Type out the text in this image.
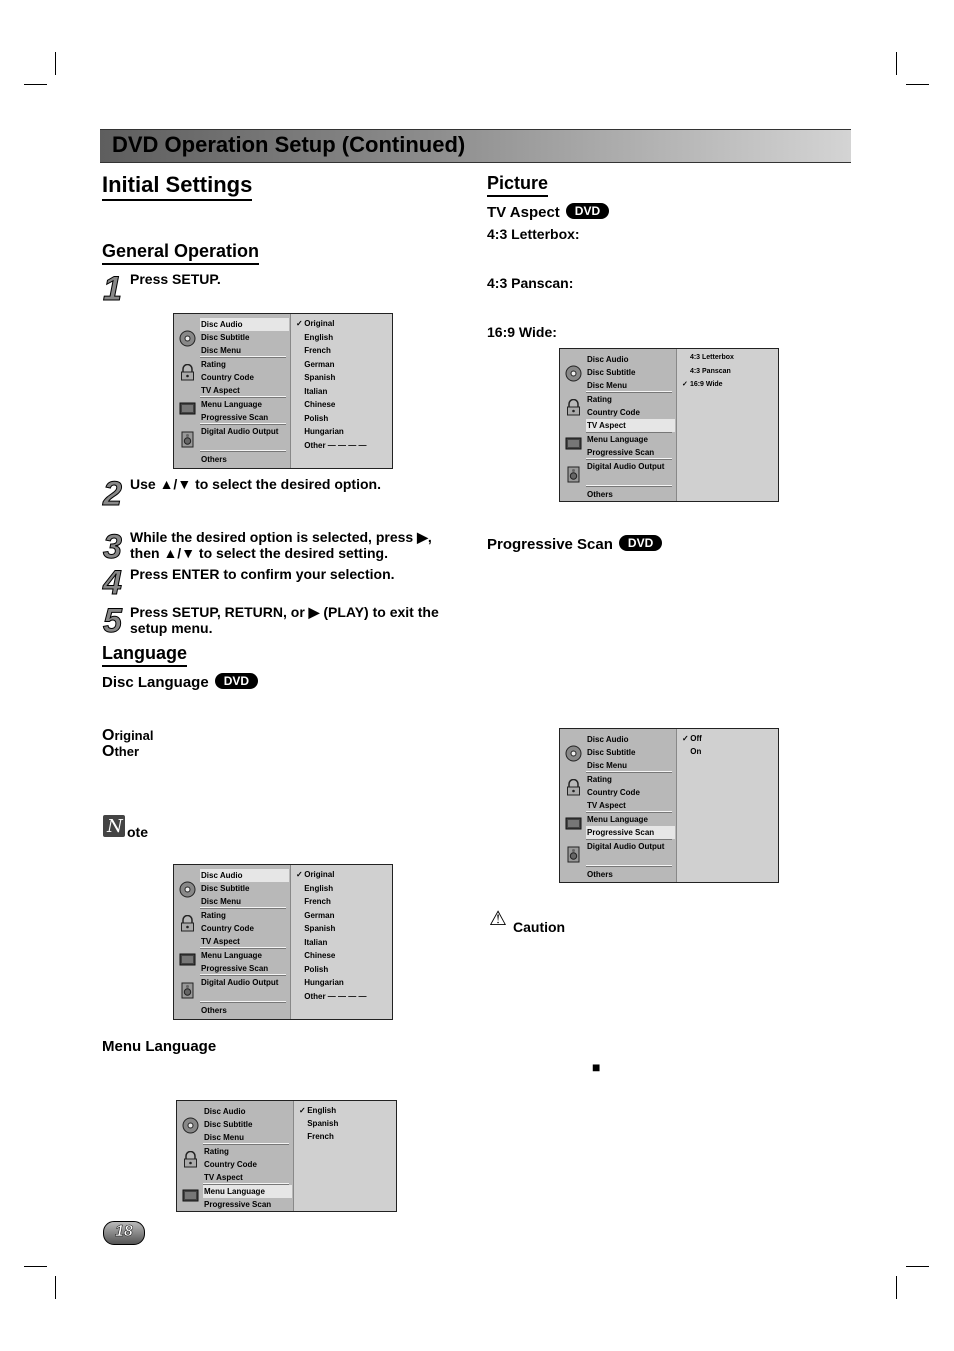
DVD Operation Setup (Continued)
Initial Settings
General Operation
1 Press SETUP.
Disc Audio
Disc Subtitle
Disc Menu
Rating
Country Code
TV Aspect
Menu Language
Progressive Scan
Digital Audio Output
Others
✓ Original
English
French
German
Spanish
Italian
Chinese
Polish
Hungarian
Other — — — —
2 Use ▲/▼ to select the desired option.
3 While the desired option is selected, press ▶,
then ▲/▼ to select the desired setting.
4 Press ENTER to confirm your selection.
5 Press SETUP, RETURN, or ▶ (PLAY) to exit the
setup menu.
Language
Disc Language DVD
Original
Other
N ote
Disc Audio
Disc Subtitle
Disc Menu
Rating
Country Code
TV Aspect
Menu Language
Progressive Scan
Digital Audio Output
Others
✓ Original
English
French
German
Spanish
Italian
Chinese
Polish
Hungarian
Other — — — —
Menu Language
Disc Audio
Disc Subtitle
Disc Menu
Rating
Country Code
TV Aspect
Menu Language
Progressive Scan
✓ English
Spanish
French
18
Picture
TV Aspect DVD
4:3 Letterbox:
4:3 Panscan:
16:9 Wide:
Disc Audio
Disc Subtitle
Disc Menu
Rating
Country Code
TV Aspect
Menu Language
Progressive Scan
Digital Audio Output
Others
4:3 Letterbox
4:3 Panscan
✓ 16:9 Wide
Progressive Scan DVD
Disc Audio
Disc Subtitle
Disc Menu
Rating
Country Code
TV Aspect
Menu Language
Progressive Scan
Digital Audio Output
Others
✓ Off
On
⚠ Caution
■
